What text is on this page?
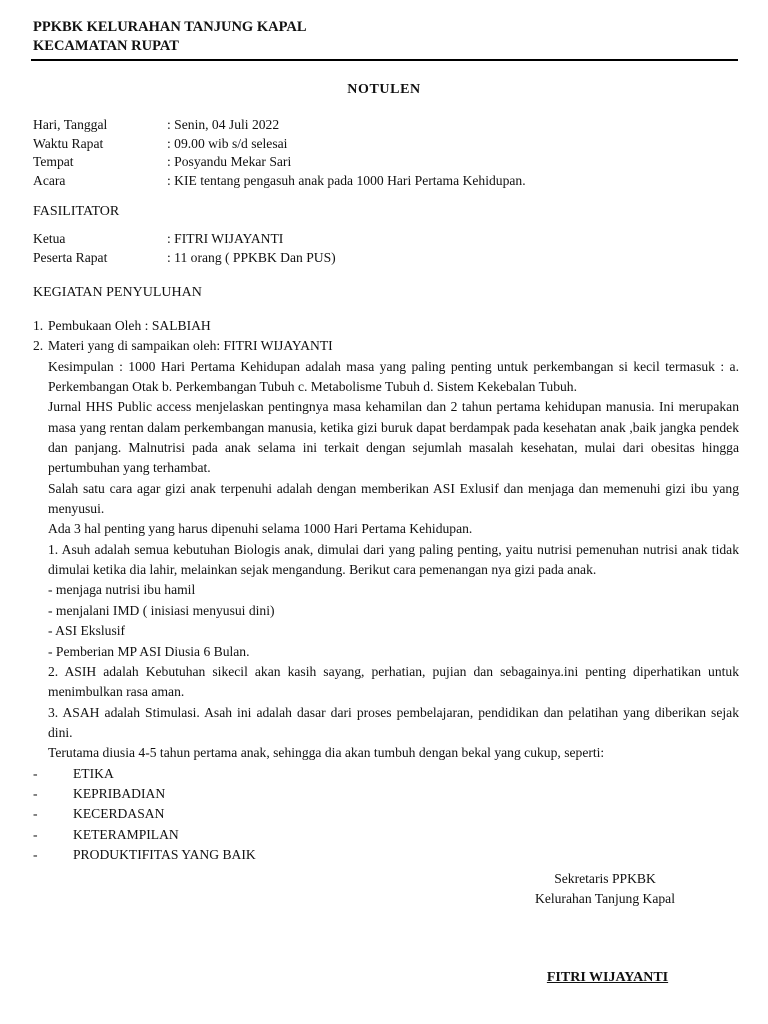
PPKBK KELURAHAN TANJUNG KAPAL
KECAMATAN RUPAT
NOTULEN
Hari, Tanggal	: Senin, 04 Juli 2022
Waktu Rapat	: 09.00 wib s/d selesai
Tempat	: Posyandu Mekar Sari
Acara	: KIE tentang pengasuh anak pada 1000 Hari Pertama Kehidupan.
FASILITATOR
Ketua	: FITRI WIJAYANTI
Peserta Rapat	: 11 orang ( PPKBK Dan PUS)
KEGIATAN PENYULUHAN
1. Pembukaan Oleh : SALBIAH
2. Materi yang di sampaikan oleh: FITRI WIJAYANTI
Kesimpulan : 1000 Hari Pertama Kehidupan adalah masa yang paling penting untuk perkembangan si kecil termasuk : a. Perkembangan Otak b. Perkembangan Tubuh c. Metabolisme Tubuh d. Sistem Kekebalan Tubuh.
Jurnal HHS Public access menjelaskan pentingnya masa kehamilan dan 2 tahun pertama kehidupan manusia. Ini merupakan masa yang rentan dalam perkembangan manusia, ketika gizi buruk dapat berdampak pada kesehatan anak ,baik jangka pendek dan panjang. Malnutrisi pada anak selama ini terkait dengan sejumlah masalah kesehatan, mulai dari obesitas hingga pertumbuhan yang terhambat.
Salah satu cara agar gizi anak terpenuhi adalah dengan memberikan ASI Exlusif dan menjaga dan memenuhi gizi ibu yang menyusui.
Ada 3 hal penting yang harus dipenuhi selama 1000 Hari Pertama Kehidupan.
1. Asuh adalah semua kebutuhan Biologis anak, dimulai dari yang paling penting, yaitu nutrisi pemenuhan nutrisi anak tidak dimulai ketika dia lahir, melainkan sejak mengandung. Berikut cara pemenangan nya gizi pada anak.
- menjaga nutrisi ibu hamil
- menjalani IMD ( inisiasi menyusui dini)
- ASI Ekslusif
- Pemberian MP ASI Diusia 6 Bulan.
2. ASIH adalah Kebutuhan sikecil akan kasih sayang, perhatian, pujian dan sebagainya.ini penting diperhatikan untuk menimbulkan rasa aman.
3. ASAH adalah Stimulasi. Asah ini adalah dasar dari proses pembelajaran, pendidikan dan pelatihan yang diberikan sejak dini.
Terutama diusia 4-5 tahun pertama anak, sehingga dia akan tumbuh dengan bekal yang cukup, seperti:
-	ETIKA
-	KEPRIBADIAN
-	KECERDASAN
-	KETERAMPILAN
-	PRODUKTIFITAS YANG BAIK
Sekretaris PPKBK
Kelurahan Tanjung Kapal
FITRI WIJAYANTI
